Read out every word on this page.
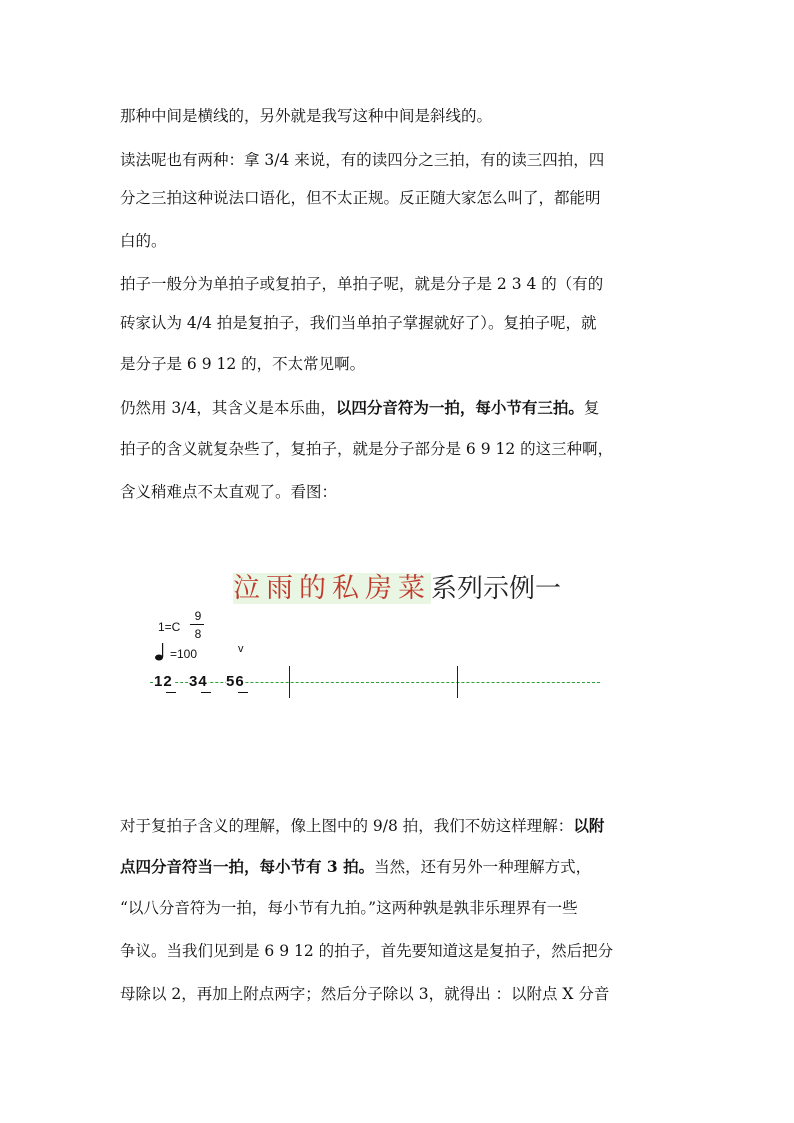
那种中间是横线的，另外就是我写这种中间是斜线的。
读法呢也有两种：拿 3/4 来说，有的读四分之三拍，有的读三四拍，四
分之三拍这种说法口语化，但不太正规。反正随大家怎么叫了，都能明
白的。
拍子一般分为单拍子或复拍子，单拍子呢，就是分子是 2 3 4 的（有的
砖家认为 4/4 拍是复拍子，我们当单拍子掌握就好了）。复拍子呢，就
是分子是 6 9 12 的，不太常见啊。
仍然用 3/4，其含义是本乐曲，以四分音符为一拍，每小节有三拍。复
拍子的含义就复杂些了，复拍子，就是分子部分是 6 9 12 的这三种啊，
含义稍难点不太直观了。看图：
泣雨的私房菜系列示例一
1=C
9
8
=100	v
12 34 56
对于复拍子含义的理解，像上图中的 9/8 拍，我们不妨这样理解：以附
点四分音符当一拍，每小节有 3 拍。当然，还有另外一种理解方式，
“以八分音符为一拍，每小节有九拍。”这两种孰是孰非乐理界有一些
争议。当我们见到是 6 9 12 的拍子，首先要知道这是复拍子，然后把分
母除以 2，再加上附点两字；然后分子除以 3，就得出 ：以附点 X 分音
